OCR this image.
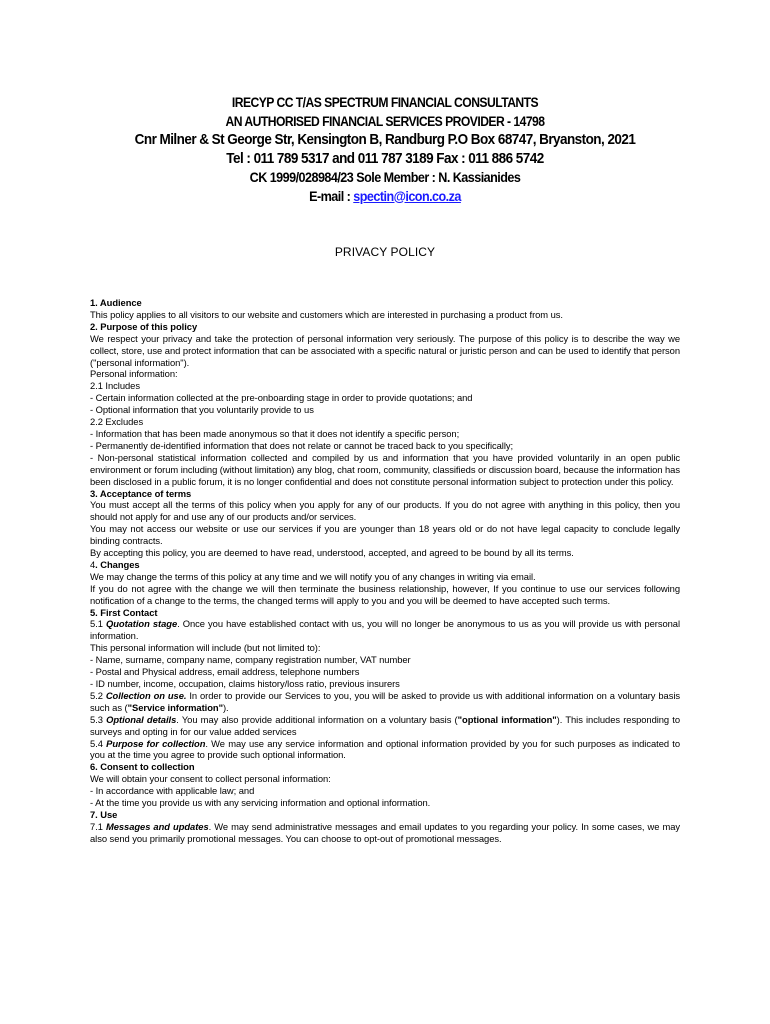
IRECYP CC T/AS SPECTRUM FINANCIAL CONSULTANTS
AN AUTHORISED FINANCIAL SERVICES PROVIDER - 14798
Cnr Milner & St George Str, Kensington B, Randburg P.O Box 68747, Bryanston, 2021
Tel : 011 789 5317 and 011 787 3189 Fax : 011 886 5742
CK 1999/028984/23 Sole Member : N. Kassianides
E-mail : spectin@icon.co.za
PRIVACY POLICY

1. Audience

This policy applies to all visitors to our website and customers which are interested in purchasing a product from us.

2. Purpose of this policy

We respect your privacy and take the protection of personal information very seriously. The purpose of this policy is to describe the way we collect, store, use and protect information that can be associated with a specific natural or juristic person and can be used to identify that person ("personal information").

Personal information:

2.1 Includes

- Certain information collected at the pre-onboarding stage in order to provide quotations; and

- Optional information that you voluntarily provide to us

2.2 Excludes

- Information that has been made anonymous so that it does not identify a specific person;

- Permanently de-identified information that does not relate or cannot be traced back to you specifically;

- Non-personal statistical information collected and compiled by us and information that you have provided voluntarily in an open public environment or forum including (without limitation) any blog, chat room, community, classifieds or discussion board, because the information has been disclosed in a public forum, it is no longer confidential and does not constitute personal information subject to protection under this policy.

3. Acceptance of terms

You must accept all the terms of this policy when you apply for any of our products. If you do not agree with anything in this policy, then you should not apply for and use any of our products and/or services.

You may not access our website or use our services if you are younger than 18 years old or do not have legal capacity to conclude legally binding contracts.

By accepting this policy, you are deemed to have read, understood, accepted, and agreed to be bound by all its terms.

4. Changes

We may change the terms of this policy at any time and we will notify you of any changes in writing via email.

If you do not agree with the change we will then terminate the business relationship, however, If you continue to use our services following notification of a change to the terms, the changed terms will apply to you and you will be deemed to have accepted such terms.

5. First Contact

5.1 Quotation stage. Once you have established contact with us, you will no longer be anonymous to us as you will provide us with personal information.

This personal information will include (but not limited to):

- Name, surname, company name, company registration number, VAT number

- Postal and Physical address, email address, telephone numbers

- ID number, income, occupation, claims history/loss ratio, previous insurers

5.2 Collection on use. In order to provide our Services to you, you will be asked to provide us with additional information on a voluntary basis such as ("Service information").

5.3 Optional details. You may also provide additional information on a voluntary basis ("optional information"). This includes responding to surveys and opting in for our value added services

5.4 Purpose for collection. We may use any service information and optional information provided by you for such purposes as indicated to you at the time you agree to provide such optional information.

6. Consent to collection

We will obtain your consent to collect personal information:

- In accordance with applicable law; and

- At the time you provide us with any servicing information and optional information.

7. Use

7.1 Messages and updates. We may send administrative messages and email updates to you regarding your policy. In some cases, we may also send you primarily promotional messages. You can choose to opt-out of promotional messages.
